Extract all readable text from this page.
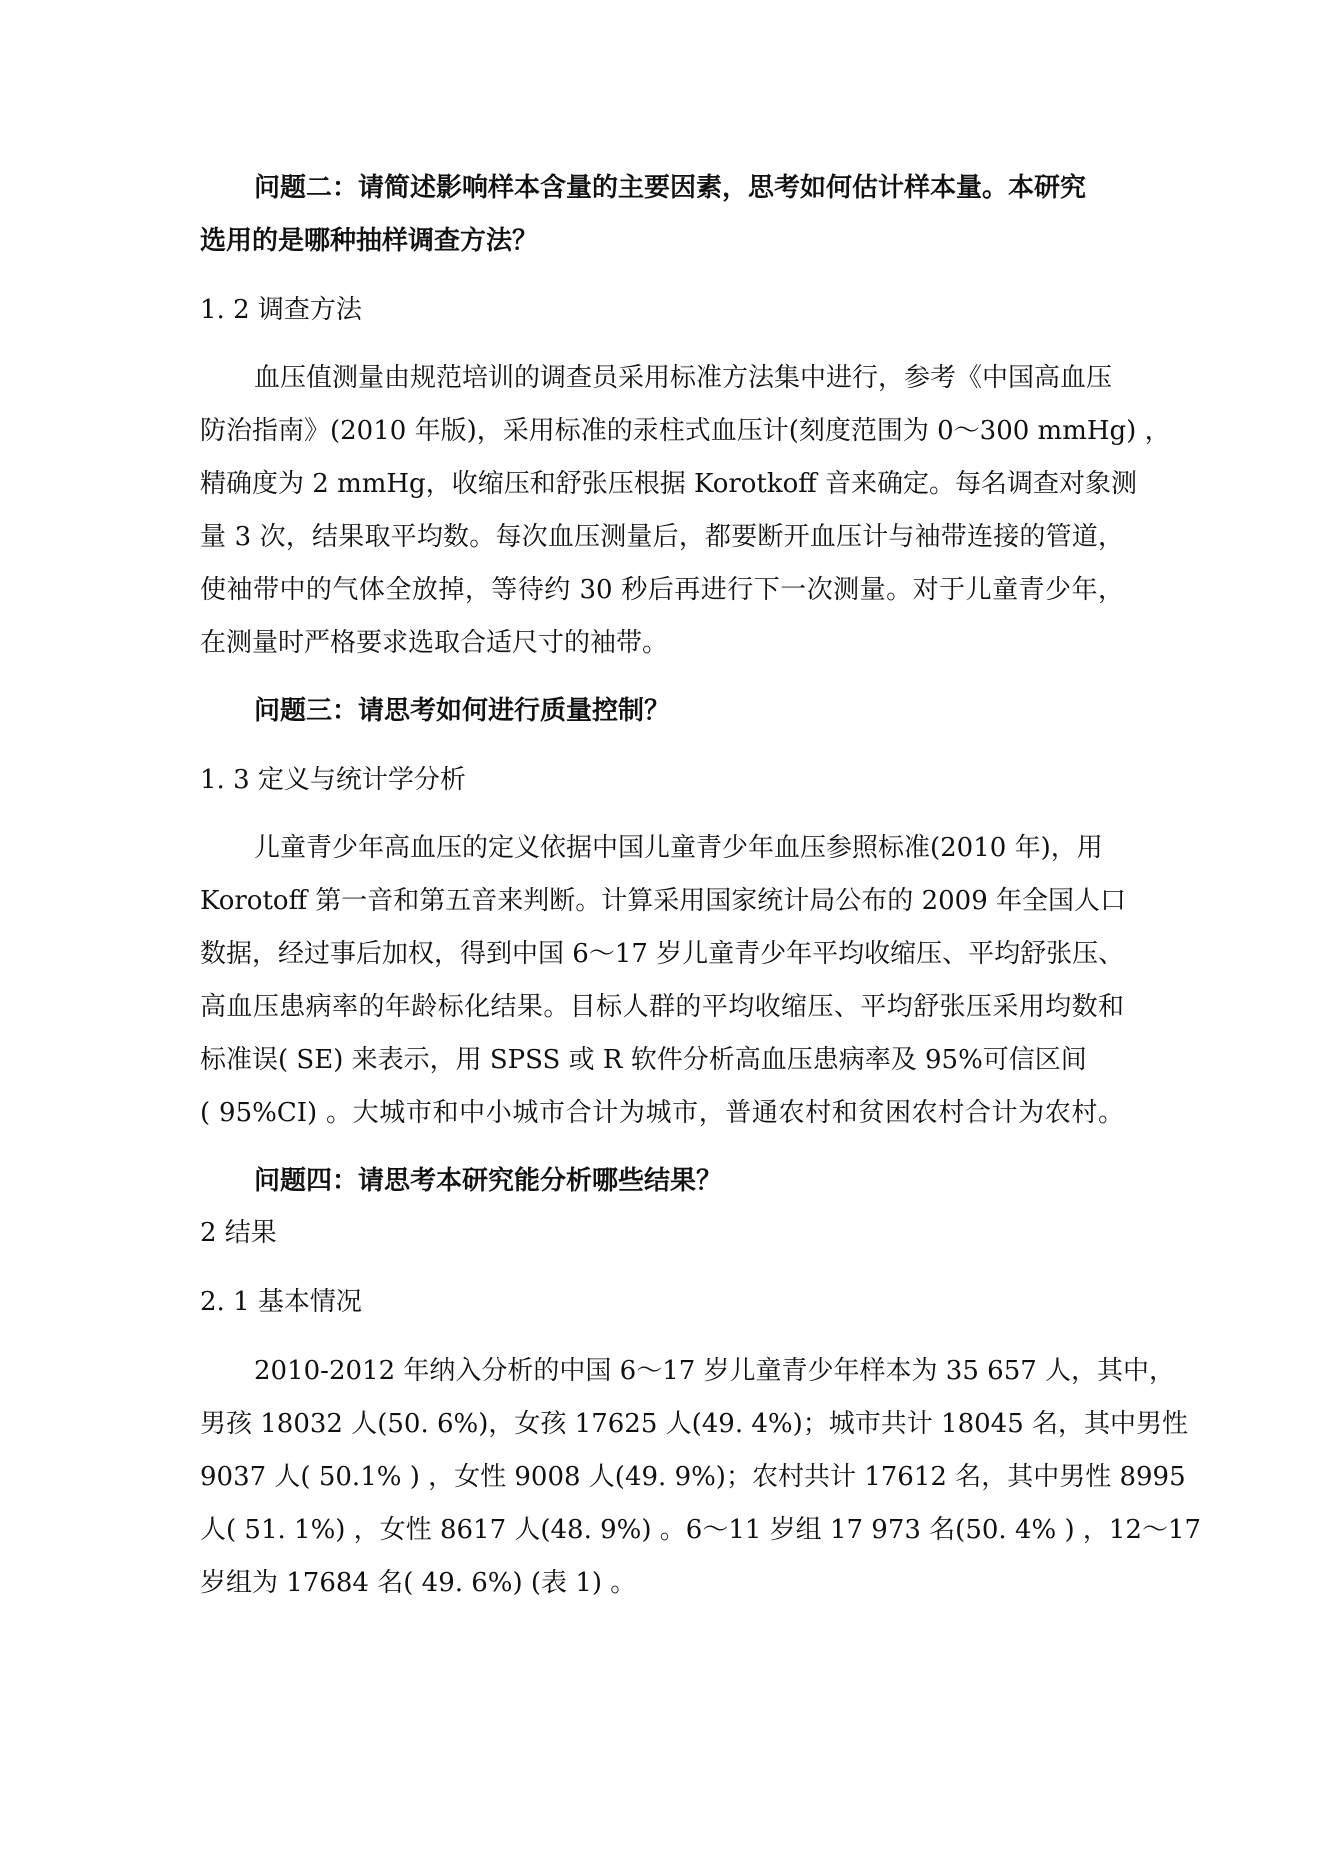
问题二：请简述影响样本含量的主要因素，思考如何估计样本量。本研究
选用的是哪种抽样调查方法？
1. 2 调查方法
血压值测量由规范培训的调查员采用标准方法集中进行，参考《中国高血压
防治指南》(2010 年版)，采用标准的汞柱式血压计(刻度范围为 0～300 mmHg) ，
精确度为 2 mmHg，收缩压和舒张压根据 Korotkoff 音来确定。每名调查对象测
量 3 次，结果取平均数。每次血压测量后，都要断开血压计与袖带连接的管道，
使袖带中的气体全放掉，等待约 30 秒后再进行下一次测量。对于儿童青少年，
在测量时严格要求选取合适尺寸的袖带。
问题三：请思考如何进行质量控制？
1. 3 定义与统计学分析
儿童青少年高血压的定义依据中国儿童青少年血压参照标准(2010 年)，用
Korotoff 第一音和第五音来判断。计算采用国家统计局公布的 2009 年全国人口
数据，经过事后加权，得到中国 6～17 岁儿童青少年平均收缩压、平均舒张压、
高血压患病率的年龄标化结果。目标人群的平均收缩压、平均舒张压采用均数和
标准误( SE) 来表示，用 SPSS 或 R 软件分析高血压患病率及 95%可信区间
( 95%CI) 。大城市和中小城市合计为城市，普通农村和贫困农村合计为农村。
问题四：请思考本研究能分析哪些结果？
2 结果
2. 1 基本情况
2010-2012 年纳入分析的中国 6～17 岁儿童青少年样本为 35 657 人，其中，
男孩 18032 人(50. 6%)，女孩 17625 人(49. 4%)；城市共计 18045 名，其中男性
9037 人( 50.1% ) ，女性 9008 人(49. 9%)；农村共计 17612 名，其中男性 8995
人( 51. 1%) ，女性 8617 人(48. 9%) 。6～11 岁组 17 973 名(50. 4% ) ，12～17
岁组为 17684 名( 49. 6%) (表 1) 。
